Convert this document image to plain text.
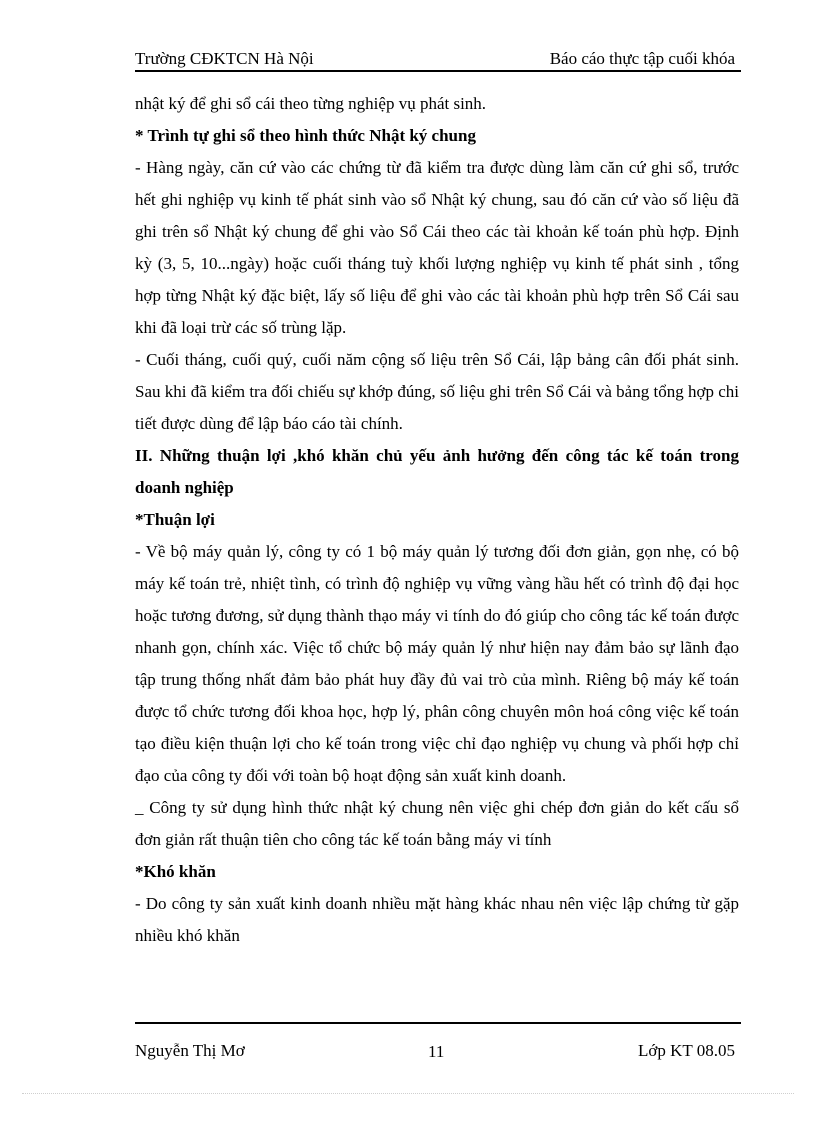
Trường CĐKTCN Hà Nội	Báo cáo thực tập cuối khóa

nhật ký để ghi sổ cái theo từng nghiệp vụ phát sinh.

* Trình tự ghi sổ theo hình thức Nhật ký chung

- Hàng ngày, căn cứ vào các chứng từ đã kiểm tra được dùng làm căn cứ ghi sổ, trước hết ghi nghiệp vụ kinh tế phát sinh vào sổ Nhật ký chung, sau đó căn cứ vào số liệu đã ghi trên sổ Nhật ký chung để ghi vào Sổ Cái theo các tài khoản kế toán phù hợp. Định kỳ (3, 5, 10...ngày) hoặc cuối tháng tuỳ khối lượng nghiệp vụ kinh tế phát sinh , tổng hợp từng Nhật ký đặc biệt, lấy số liệu để ghi vào các tài khoản phù hợp trên Sổ Cái sau khi đã loại trừ các số trùng lặp.

- Cuối tháng, cuối quý, cuối năm cộng số liệu trên Sổ Cái, lập bảng cân đối phát sinh. Sau khi đã kiểm tra đối chiếu sự khớp đúng, số liệu ghi trên Sổ Cái và bảng tổng hợp chi tiết được dùng để lập báo cáo tài chính.

II. Những thuận lợi ,khó khăn chủ yếu ảnh hưởng đến công tác kế toán trong doanh nghiệp

*Thuận lợi

- Về bộ máy quản lý, công ty có 1 bộ máy quản lý tương đối đơn giản, gọn nhẹ, có bộ máy kế toán trẻ, nhiệt tình, có trình độ nghiệp vụ vững vàng hầu hết có trình độ đại học hoặc tương đương, sử dụng thành thạo máy vi tính do đó giúp cho công tác kế toán được nhanh gọn, chính xác. Việc tổ chức bộ máy quản lý như hiện nay đảm bảo sự lãnh đạo tập trung thống nhất đảm bảo phát huy đầy đủ vai trò của mình. Riêng bộ máy kế toán được tổ chức tương đối khoa học, hợp lý, phân công chuyên môn hoá công việc kế toán tạo điều kiện thuận lợi cho kế toán trong việc chỉ đạo nghiệp vụ chung và phối hợp chỉ đạo của công ty đối với toàn bộ hoạt động sản xuất kinh doanh.

_ Công ty sử dụng hình thức nhật ký chung nên việc ghi chép đơn giản do kết cấu sổ đơn giản rất thuận tiên cho công tác kế toán bằng máy vi tính

*Khó khăn

- Do công ty sản xuất kinh doanh nhiều mặt hàng khác nhau nên việc lập chứng từ gặp nhiều khó khăn

Nguyễn Thị Mơ	11	Lớp KT 08.05
